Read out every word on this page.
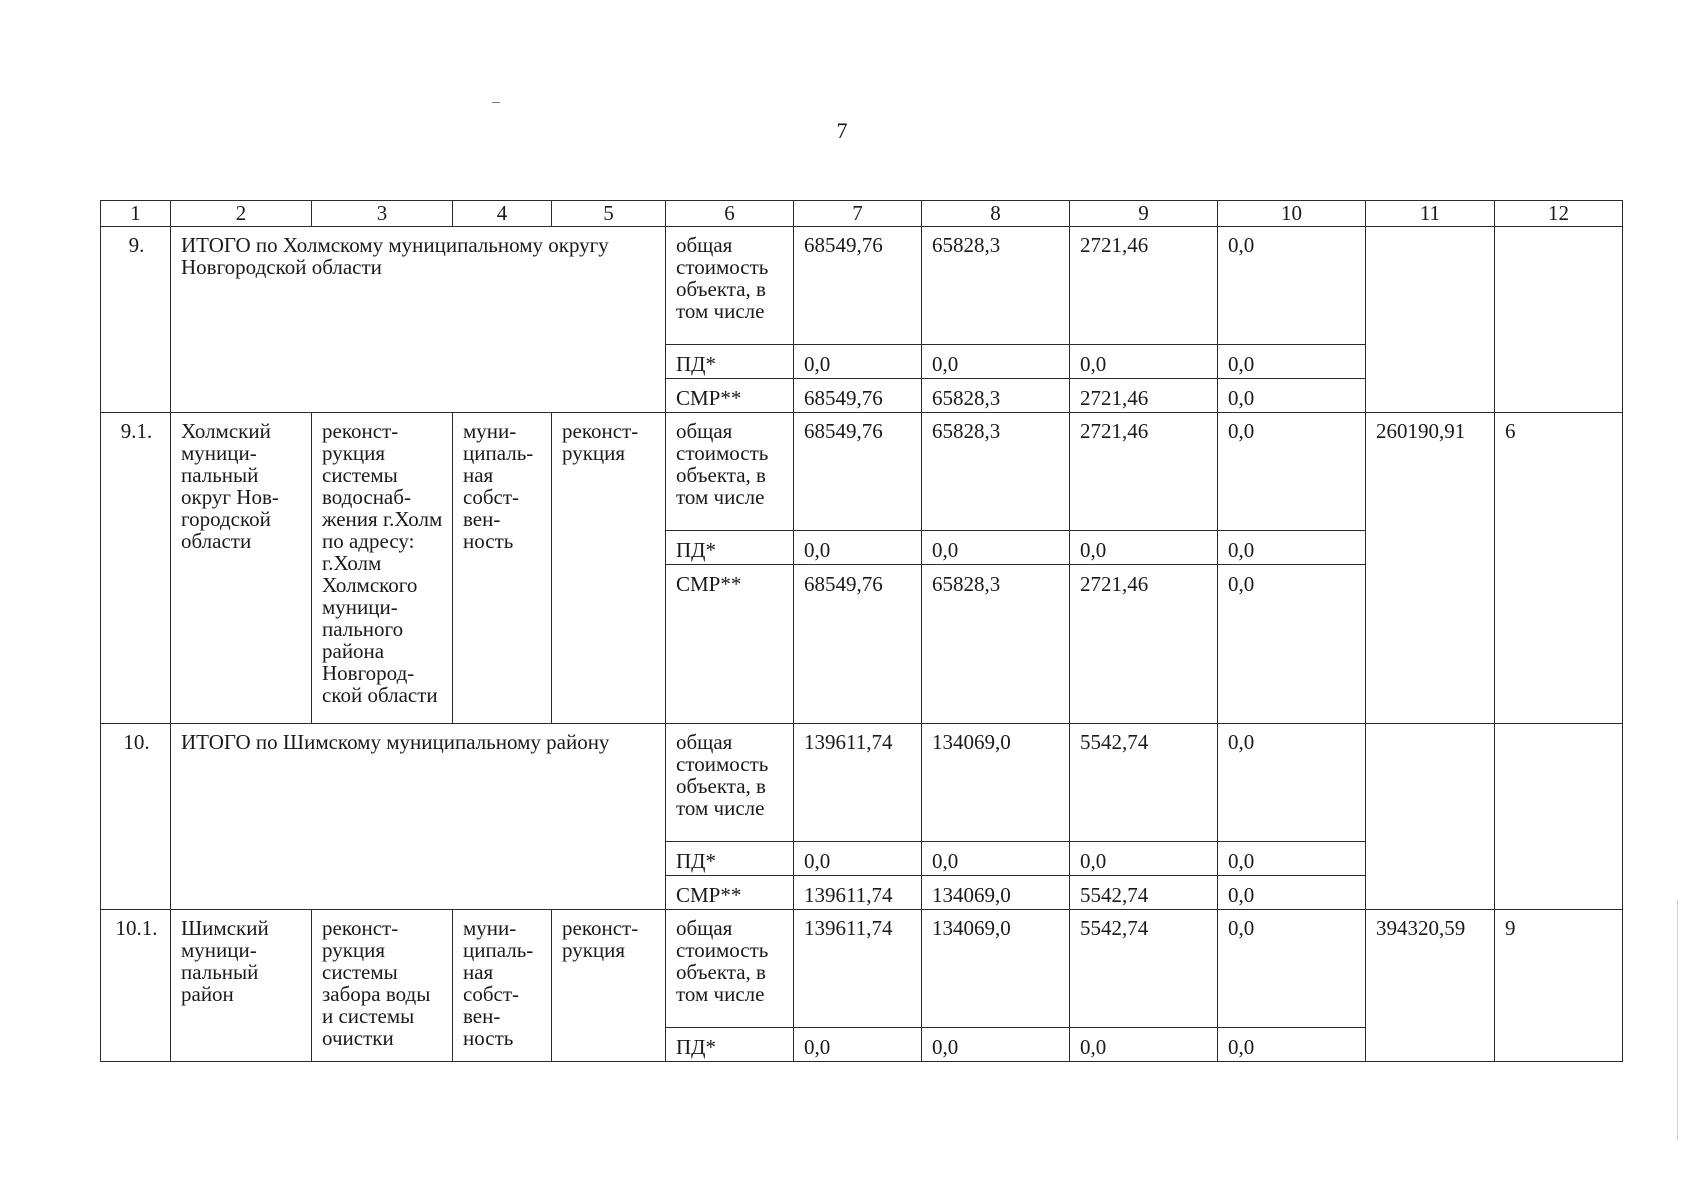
7
1	2	3	4	5	6	7	8	9	10	11	12
9.	ИТОГО по Холмскому муниципальному округу Новгородской области				общая стоимость объекта, в том числе	68549,76	65828,3	2721,46	0,0		
					ПД*	0,0	0,0	0,0	0,0		
					СМР**	68549,76	65828,3	2721,46	0,0		
9.1.	Холмский муници- пальный округ Нов- городской области	реконст- рукция системы водоснаб- жения г.Холм по адресу: г.Холм Холмского муници- пального района Новгород- ской области	муни- ципаль- ная собст- вен- ность	реконст- рукция	общая стоимость объекта, в том числе	68549,76	65828,3	2721,46	0,0	260190,91	6
					ПД*	0,0	0,0	0,0	0,0		
					СМР**	68549,76	65828,3	2721,46	0,0		
10.	ИТОГО по Шимскому муниципальному району				общая стоимость объекта, в том числе	139611,74	134069,0	5542,74	0,0		
					ПД*	0,0	0,0	0,0	0,0		
					СМР**	139611,74	134069,0	5542,74	0,0		
10.1.	Шимский муници- пальный район	реконст- рукция системы забора воды и системы очистки	муни- ципаль- ная собст- вен- ность	реконст- рукция	общая стоимость объекта, в том числе	139611,74	134069,0	5542,74	0,0	394320,59	9
					ПД*	0,0	0,0	0,0	0,0		
